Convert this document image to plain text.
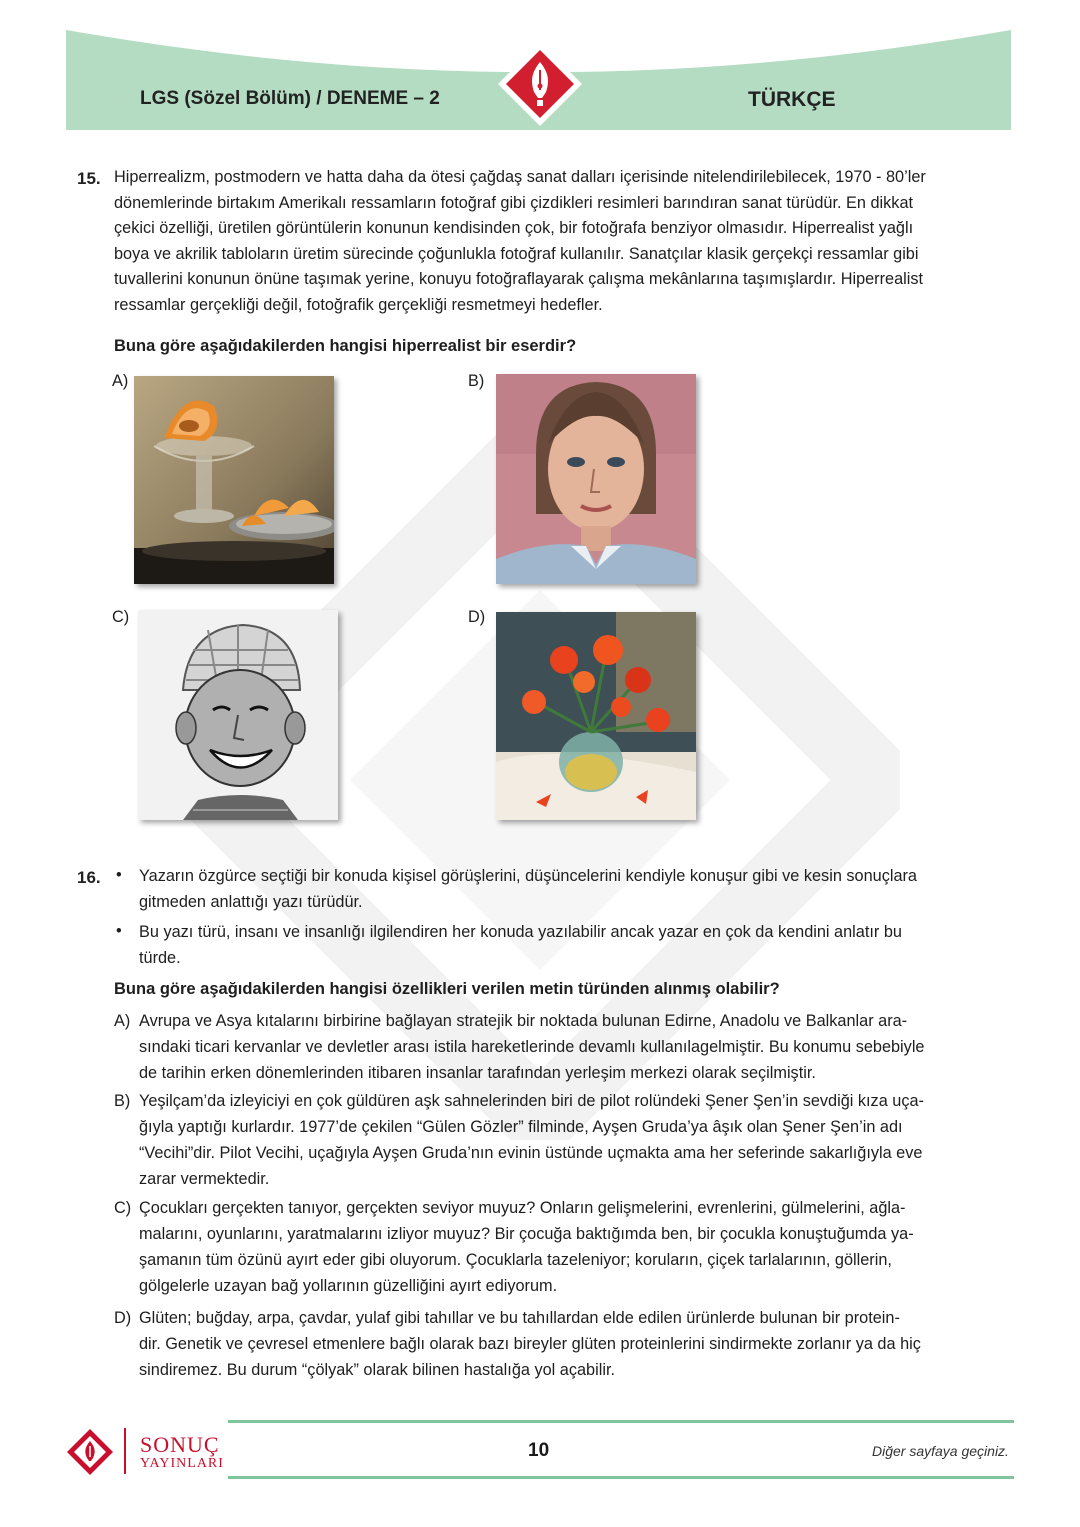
LGS (Sözel Bölüm) / DENEME – 2	TÜRKÇE
15. Hiperrealizm, postmodern ve hatta daha da ötesi çağdaş sanat dalları içerisinde nitelendirilebilecek, 1970 - 80’ler
dönemlerinde birtakım Amerikalı ressamların fotoğraf gibi çizdikleri resimleri barındıran sanat türüdür. En dikkat
çekici özelliği, üretilen görüntülerin konunun kendisinden çok, bir fotoğrafa benziyor olmasıdır. Hiperrealist yağlı
boya ve akrilik tabloların üretim sürecinde çoğunlukla fotoğraf kullanılır. Sanatçılar klasik gerçekçi ressamlar gibi
tuvallerini konunun önüne taşımak yerine, konuyu fotoğraflayarak çalışma mekânlarına taşımışlardır. Hiperrealist
ressamlar gerçekliği değil, fotoğrafik gerçekliği resmetmeyi hedefler.
Buna göre aşağıdakilerden hangisi hiperrealist bir eserdir?
A)	B)
C)	D)
16. • Yazarın özgürce seçtiği bir konuda kişisel görüşlerini, düşüncelerini kendiyle konuşur gibi ve kesin sonuçlara
gitmeden anlattığı yazı türüdür.
• Bu yazı türü, insanı ve insanlığı ilgilendiren her konuda yazılabilir ancak yazar en çok da kendini anlatır bu
türde.
Buna göre aşağıdakilerden hangisi özellikleri verilen metin türünden alınmış olabilir?
A) Avrupa ve Asya kıtalarını birbirine bağlayan stratejik bir noktada bulunan Edirne, Anadolu ve Balkanlar ara-
sındaki ticari kervanlar ve devletler arası istila hareketlerinde devamlı kullanılagelmiştir. Bu konumu sebebiyle
de tarihin erken dönemlerinden itibaren insanlar tarafından yerleşim merkezi olarak seçilmiştir.
B) Yeşilçam’da izleyiciyi en çok güldüren aşk sahnelerinden biri de pilot rolündeki Şener Şen’in sevdiği kıza uça-
ğıyla yaptığı kurlardır. 1977’de çekilen “Gülen Gözler” filminde, Ayşen Gruda’ya âşık olan Şener Şen’in adı
“Vecihi”dir. Pilot Vecihi, uçağıyla Ayşen Gruda’nın evinin üstünde uçmakta ama her seferinde sakarlığıyla eve
zarar vermektedir.
C) Çocukları gerçekten tanıyor, gerçekten seviyor muyuz? Onların gelişmelerini, evrenlerini, gülmelerini, ağla-
malarını, oyunlarını, yaratmalarını izliyor muyuz? Bir çocuğa baktığımda ben, bir çocukla konuştuğumda ya-
şamanın tüm özünü ayırt eder gibi oluyorum. Çocuklarla tazeleniyor; koruların, çiçek tarlalarının, göllerin,
gölgelerle uzayan bağ yollarının güzelliğini ayırt ediyorum.
D) Glüten; buğday, arpa, çavdar, yulaf gibi tahıllar ve bu tahıllardan elde edilen ürünlerde bulunan bir protein-
dir. Genetik ve çevresel etmenlere bağlı olarak bazı bireyler glüten proteinlerini sindirmekte zorlanır ya da hiç
sindiremez. Bu durum “çölyak” olarak bilinen hastalığa yol açabilir.
SONUÇ
YAYINLARI
10	Diğer sayfaya geçiniz.
